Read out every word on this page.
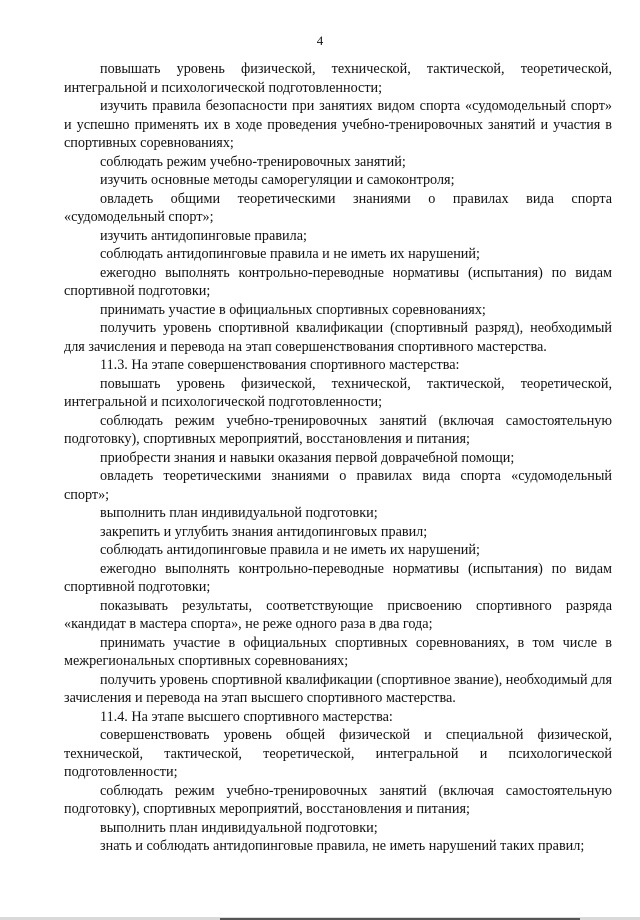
4

повышать уровень физической, технической, тактической, теоретической, интегральной и психологической подготовленности;

изучить правила безопасности при занятиях видом спорта «судомодельный спорт» и успешно применять их в ходе проведения учебно-тренировочных занятий и участия в спортивных соревнованиях;

соблюдать режим учебно-тренировочных занятий;

изучить основные методы саморегуляции и самоконтроля;

овладеть общими теоретическими знаниями о правилах вида спорта «судомодельный спорт»;

изучить антидопинговые правила;

соблюдать антидопинговые правила и не иметь их нарушений;

ежегодно выполнять контрольно-переводные нормативы (испытания) по видам спортивной подготовки;

принимать участие в официальных спортивных соревнованиях;

получить уровень спортивной квалификации (спортивный разряд), необходимый для зачисления и перевода на этап совершенствования спортивного мастерства.

11.3. На этапе совершенствования спортивного мастерства:

повышать уровень физической, технической, тактической, теоретической, интегральной и психологической подготовленности;

соблюдать режим учебно-тренировочных занятий (включая самостоятельную подготовку), спортивных мероприятий, восстановления и питания;

приобрести знания и навыки оказания первой доврачебной помощи;

овладеть теоретическими знаниями о правилах вида спорта «судомодельный спорт»;

выполнить план индивидуальной подготовки;

закрепить и углубить знания антидопинговых правил;

соблюдать антидопинговые правила и не иметь их нарушений;

ежегодно выполнять контрольно-переводные нормативы (испытания) по видам спортивной подготовки;

показывать результаты, соответствующие присвоению спортивного разряда «кандидат в мастера спорта», не реже одного раза в два года;

принимать участие в официальных спортивных соревнованиях, в том числе в межрегиональных спортивных соревнованиях;

получить уровень спортивной квалификации (спортивное звание), необходимый для зачисления и перевода на этап высшего спортивного мастерства.

11.4. На этапе высшего спортивного мастерства:

совершенствовать уровень общей физической и специальной физической, технической, тактической, теоретической, интегральной и психологической подготовленности;

соблюдать режим учебно-тренировочных занятий (включая самостоятельную подготовку), спортивных мероприятий, восстановления и питания;

выполнить план индивидуальной подготовки;

знать и соблюдать антидопинговые правила, не иметь нарушений таких правил;
